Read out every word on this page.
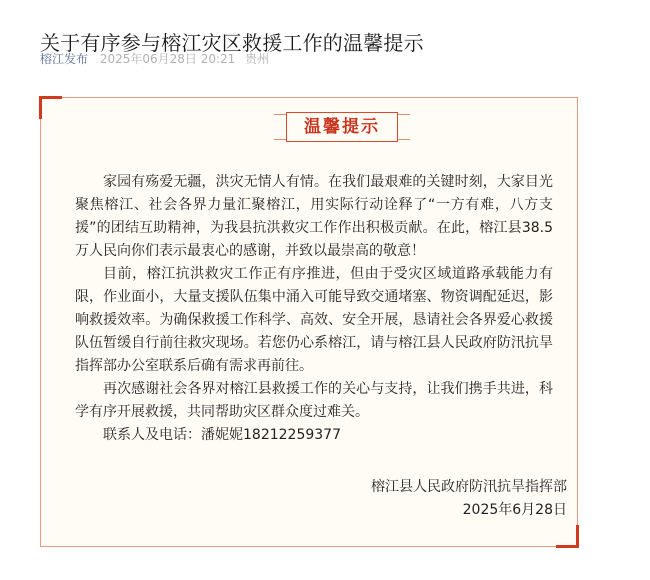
关于有序参与榕江灾区救援工作的温馨提示
榕江发布 2025年06月28日 20:21 贵州
温馨提示

家园有殇爱无疆，洪灾无情人有情。在我们最艰难的关键时刻，大家目光聚焦榕江、社会各界力量汇聚榕江，用实际行动诠释了“一方有难，八方支援”的团结互助精神，为我县抗洪救灾工作作出积极贡献。在此，榕江县38.5万人民向你们表示最衷心的感谢，并致以最崇高的敬意！

目前，榕江抗洪救灾工作正有序推进，但由于受灾区域道路承载能力有限，作业面小，大量支援队伍集中涌入可能导致交通堵塞、物资调配延迟，影响救援效率。为确保救援工作科学、高效、安全开展，恳请社会各界爱心救援队伍暂缓自行前往救灾现场。若您仍心系榕江，请与榕江县人民政府防汛抗旱指挥部办公室联系后确有需求再前往。

再次感谢社会各界对榕江县救援工作的关心与支持，让我们携手共进，科学有序开展救援，共同帮助灾区群众度过难关。

联系人及电话：潘妮妮18212259377

榕江县人民政府防汛抗旱指挥部
2025年6月28日
